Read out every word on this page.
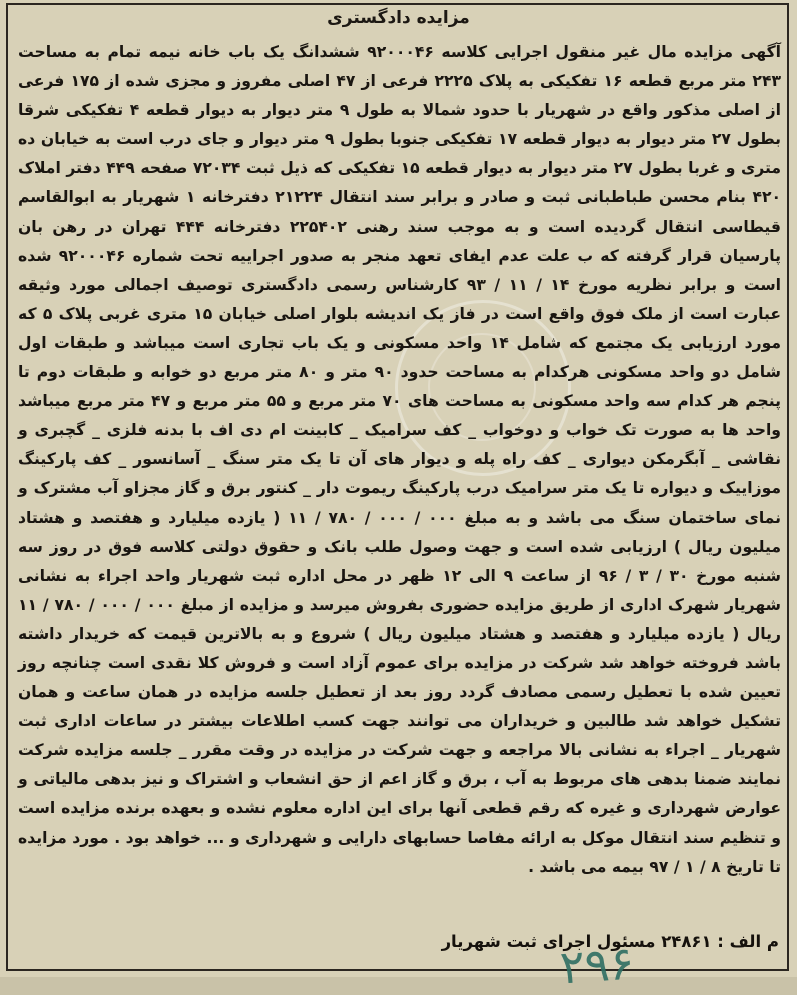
مزایده دادگستری

آگهی مزایده مال غیر منقول اجرایی کلاسه ۹۲۰۰۰۴۶ ششدانگ یک باب خانه نیمه تمام به مساحت ۲۴۳ متر مربع قطعه ۱۶ تفکیکی به پلاک ۲۲۲۵ فرعی از ۴۷ اصلی مفروز و مجزی شده از ۱۷۵ فرعی از اصلی مذکور واقع در شهریار با حدود شمالا به طول ۹ متر دیوار به دیوار قطعه ۴ تفکیکی شرقا بطول ۲۷ متر دیوار به دیوار قطعه ۱۷ تفکیکی جنوبا بطول ۹ متر دیوار و جای درب است به خیابان ده متری و غربا بطول ۲۷ متر دیوار به دیوار قطعه ۱۵ تفکیکی که ذیل ثبت ۷۲۰۳۴ صفحه ۴۴۹ دفتر املاک ۴۲۰ بنام محسن طباطبانی ثبت و صادر و برابر سند انتقال ۲۱۲۲۴ دفترخانه ۱ شهریار به ابوالقاسم قیطاسی انتقال گردیده است و به موجب سند رهنی ۲۲۵۴۰۲ دفترخانه ۴۴۴ تهران در رهن بان پارسیان قرار گرفته که ب علت عدم ایفای تعهد منجر به صدور اجراییه تحت شماره ۹۲۰۰۰۴۶ شده است و برابر نظریه مورخ ۱۴ / ۱۱ / ۹۳ کارشناس رسمی دادگستری توصیف اجمالی مورد وثیقه عبارت است از ملک فوق واقع است در فاز یک اندیشه بلوار اصلی خیابان ۱۵ متری غربی پلاک ۵ که مورد ارزیابی یک مجتمع که شامل ۱۴ واحد مسکونی و یک باب تجاری است میباشد و طبقات اول شامل دو واحد مسکونی هرکدام به مساحت حدود ۹۰ متر و ۸۰ متر مربع دو خوابه و طبقات دوم تا پنجم هر کدام سه واحد مسکونی به مساحت های ۷۰ متر مربع و ۵۵ متر مربع و ۴۷ متر مربع میباشد واحد ها به صورت تک خواب و دوخواب _ کف سرامیک _ کابینت ام دی اف با بدنه فلزی _ گچبری و نقاشی _ آبگرمکن دیواری _ کف راه پله و دیوار های آن تا یک متر سنگ _ آسانسور _ کف پارکینگ موزاییک و دیواره تا یک متر سرامیک درب پارکینگ ریموت دار _ کنتور برق و گاز مجزاو آب مشترک و نمای ساختمان سنگ می باشد و به مبلغ ۰۰۰ / ۰۰۰ / ۷۸۰ / ۱۱ ( یازده میلیارد و هفتصد و هشتاد میلیون ریال ) ارزیابی شده است و جهت وصول طلب بانک و حقوق دولتی کلاسه فوق در روز سه شنبه مورخ ۳۰ / ۳ / ۹۶ از ساعت ۹ الی ۱۲ ظهر در محل اداره ثبت شهریار واحد اجراء به نشانی شهریار شهرک اداری از طریق مزایده حضوری بفروش میرسد و مزایده از مبلغ ۰۰۰ / ۰۰۰ / ۷۸۰ / ۱۱ ریال ( یازده میلیارد و هفتصد و هشتاد میلیون ریال ) شروع و به بالاترین قیمت که خریدار داشته باشد فروخته خواهد شد شرکت در مزایده برای عموم آزاد است و فروش کلا نقدی است چنانچه روز تعیین شده با تعطیل رسمی مصادف گردد روز بعد از تعطیل جلسه مزایده در همان ساعت و همان تشکیل خواهد شد طالبین و خریداران می توانند جهت کسب اطلاعات بیشتر در ساعات اداری ثبت شهریار _ اجراء به نشانی بالا مراجعه و جهت شرکت در مزایده در وقت مقرر _ جلسه مزایده شرکت نمایند ضمنا بدهی های مربوط به آب ، برق و گاز اعم از حق انشعاب و اشتراک و نیز بدهی مالیاتی و عوارض شهرداری و غیره که رقم قطعی آنها برای این اداره معلوم نشده و بعهده برنده مزایده است و تنظیم سند انتقال موکل به ارائه مفاصا حسابهای دارایی و شهرداری و ... خواهد بود . مورد مزایده تا تاریخ ۸ / ۱ / ۹۷ بیمه می باشد .

م الف : ۲۴۸۶۱ مسئول اجرای ثبت شهریار
۲۹۶
